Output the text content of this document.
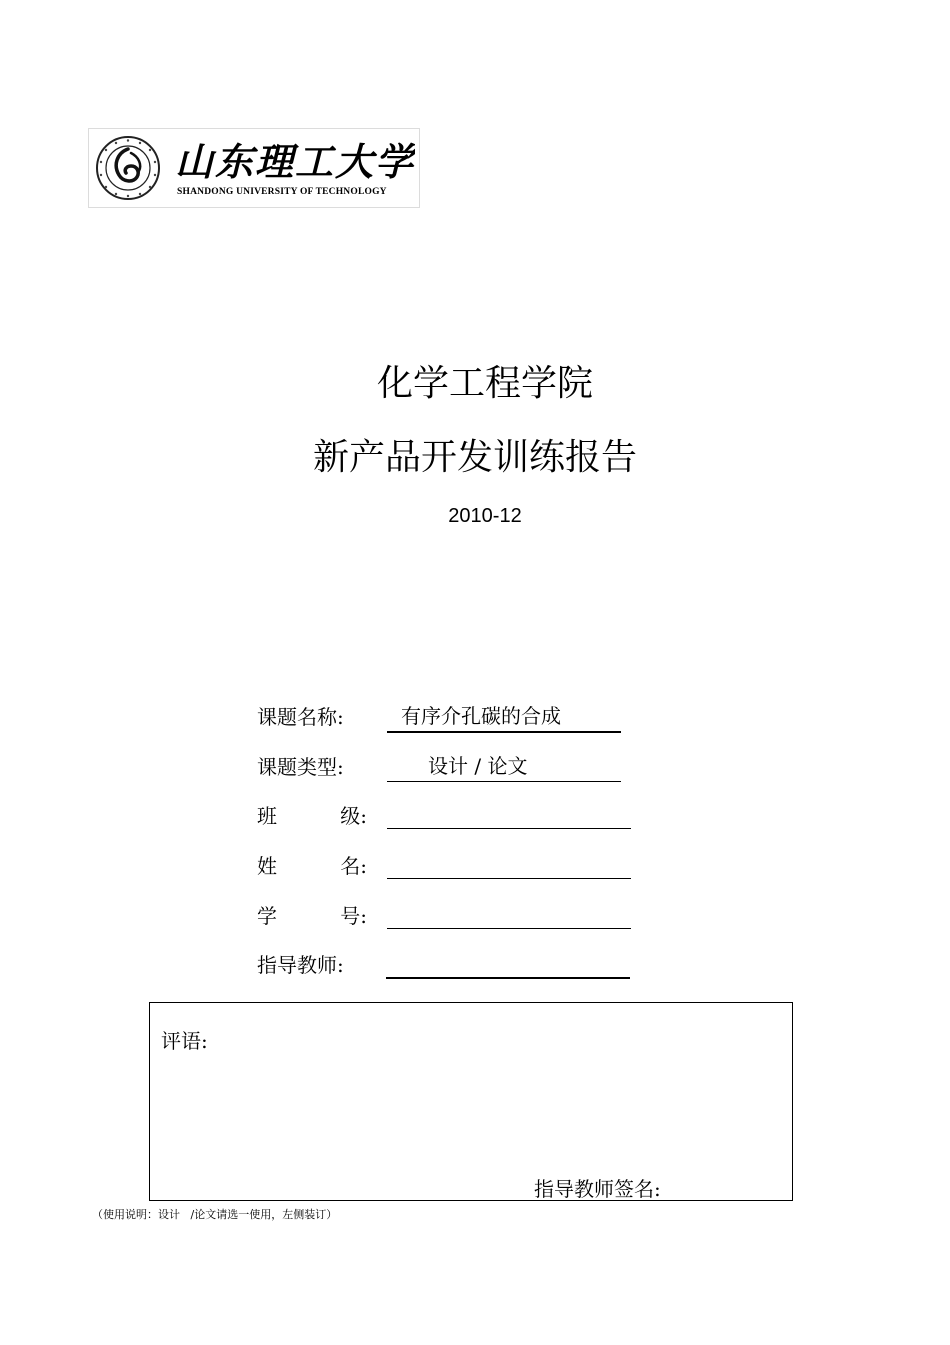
山东理工大学
SHANDONG UNIVERSITY OF TECHNOLOGY
化学工程学院
新产品开发训练报告
2010-12
课题名称:	有序介孔碳的合成
课题类型:	设计 / 论文
班	级:
姓	名:
学	号:
指导教师:
评语:
指导教师签名:
（使用说明：设计   /论文请选一使用，左侧装订）
